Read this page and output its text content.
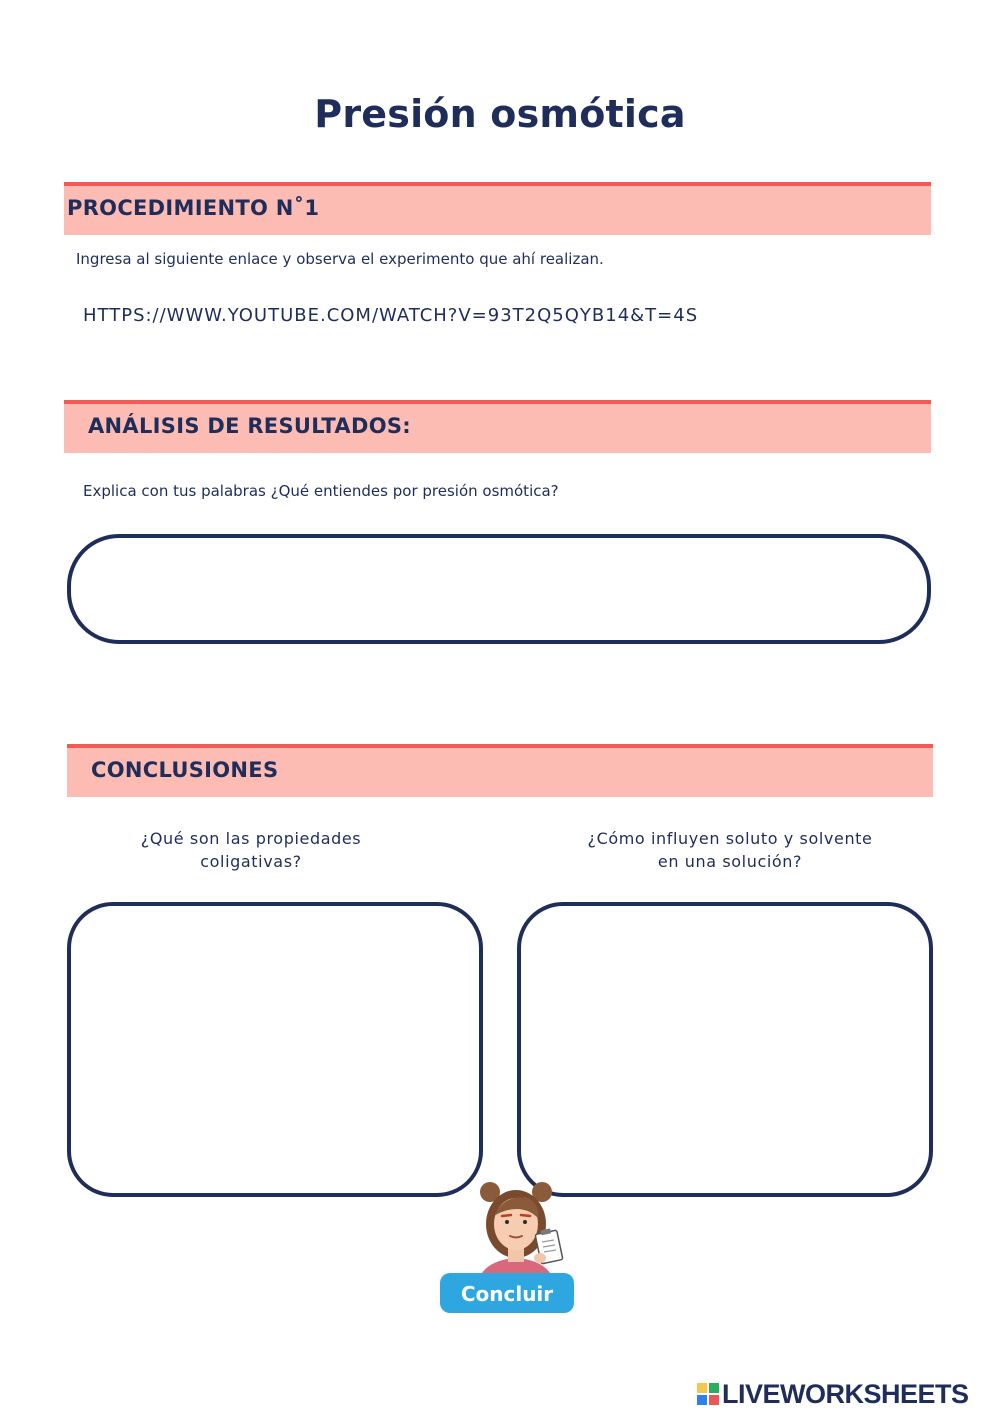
Presión osmótica
PROCEDIMIENTO N˚1
Ingresa al siguiente enlace y observa el experimento que ahí realizan.
HTTPS://WWW.YOUTUBE.COM/WATCH?V=93T2Q5QYB14&T=4S
ANÁLISIS DE RESULTADOS:
Explica con tus palabras ¿Qué entiendes por presión osmótica?
CONCLUSIONES
¿Qué son las propiedades
coligativas?
¿Cómo influyen soluto y solvente
en una solución?
Concluir
LIVEWORKSHEETS
